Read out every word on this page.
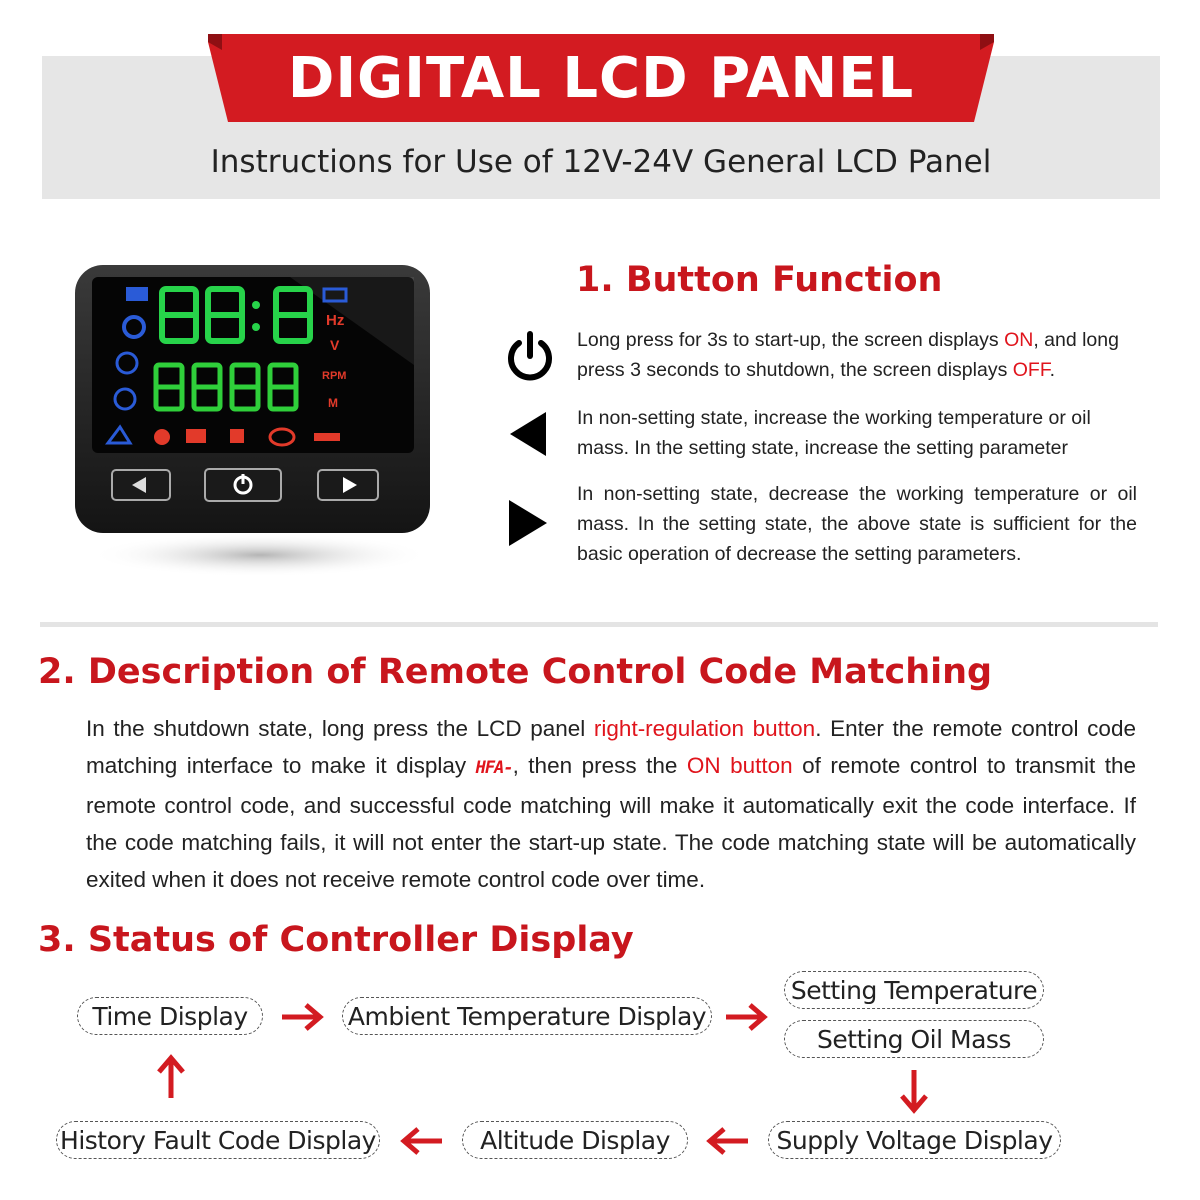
DIGITAL LCD PANEL
Instructions for Use of 12V-24V General LCD Panel
Hz
V
RPM
M
1. Button Function
Long press for 3s to start-up, the screen displays ON, and long press 3 seconds to shutdown, the screen displays OFF.
In non-setting state, increase the working temperature or oil mass. In the setting state, increase the setting parameter
In non-setting state, decrease the working temperature or oil mass. In the setting state, the above state is sufficient for the basic operation of decrease the setting parameters.
2. Description of Remote Control Code Matching
In the shutdown state, long press the LCD panel right-regulation button. Enter the remote control code matching interface to make it display HFA-, then press the ON button of remote control to transmit the remote control code, and successful code matching will make it automatically exit the code interface. If the code matching fails, it will not enter the start-up state. The code matching state will be automatically exited when it does not receive remote control code over time.
3. Status of Controller Display
Time Display	Ambient Temperature Display
Setting Temperature
Setting Oil Mass
Supply Voltage Display
Altitude Display
History Fault Code Display
